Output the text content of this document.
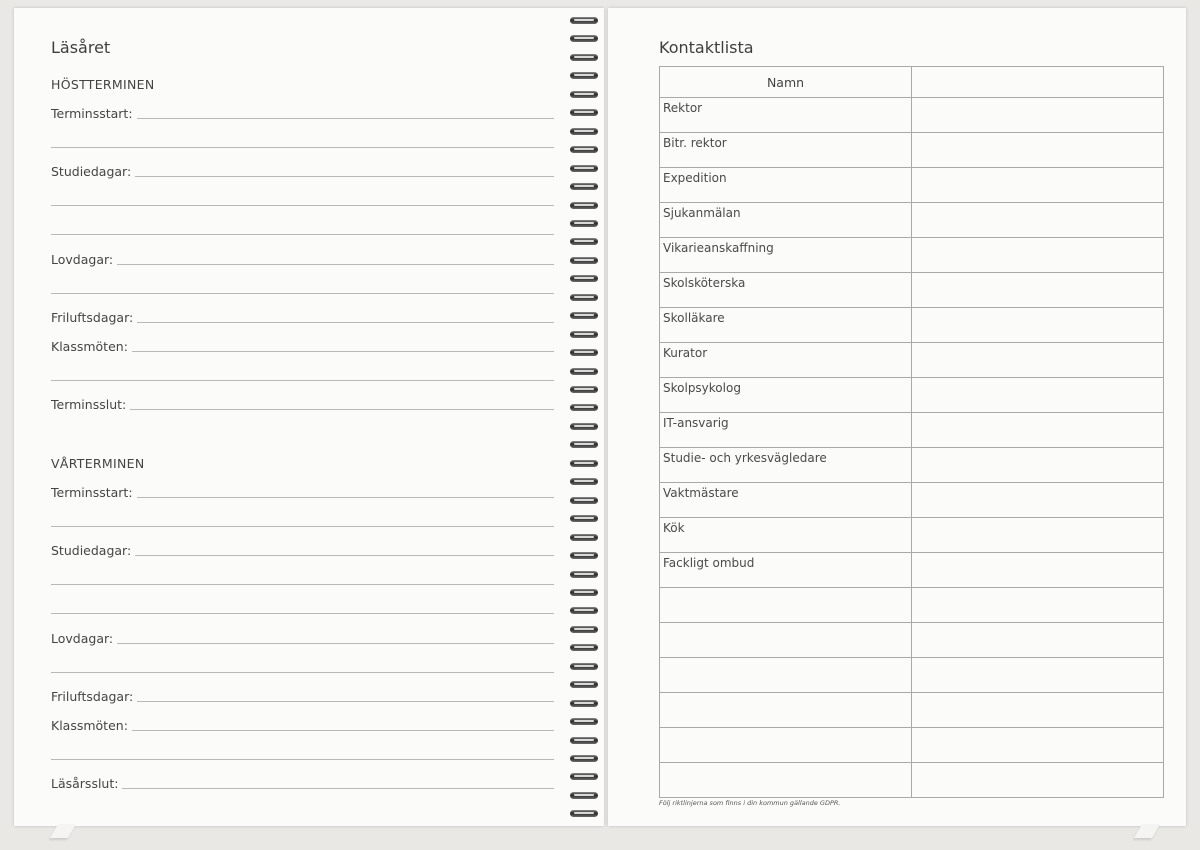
Läsåret
HÖSTTERMINEN
Terminsstart:
Studiedagar:
Lovdagar:
Friluftsdagar:
Klassmöten:
Terminsslut:
VÅRTERMINEN
Terminsstart:
Studiedagar:
Lovdagar:
Friluftsdagar:
Klassmöten:
Läsårsslut:
Kontaktlista
Namn	

Rektor	

Bitr. rektor	

Expedition	

Sjukanmälan	

Vikarieanskaffning	

Skolsköterska	

Skolläkare	

Kurator	

Skolpsykolog	

IT-ansvarig	

Studie- och yrkesvägledare	

Vaktmästare	

Kök	

Fackligt ombud	

Följ riktlinjerna som finns i din kommun gällande GDPR.
